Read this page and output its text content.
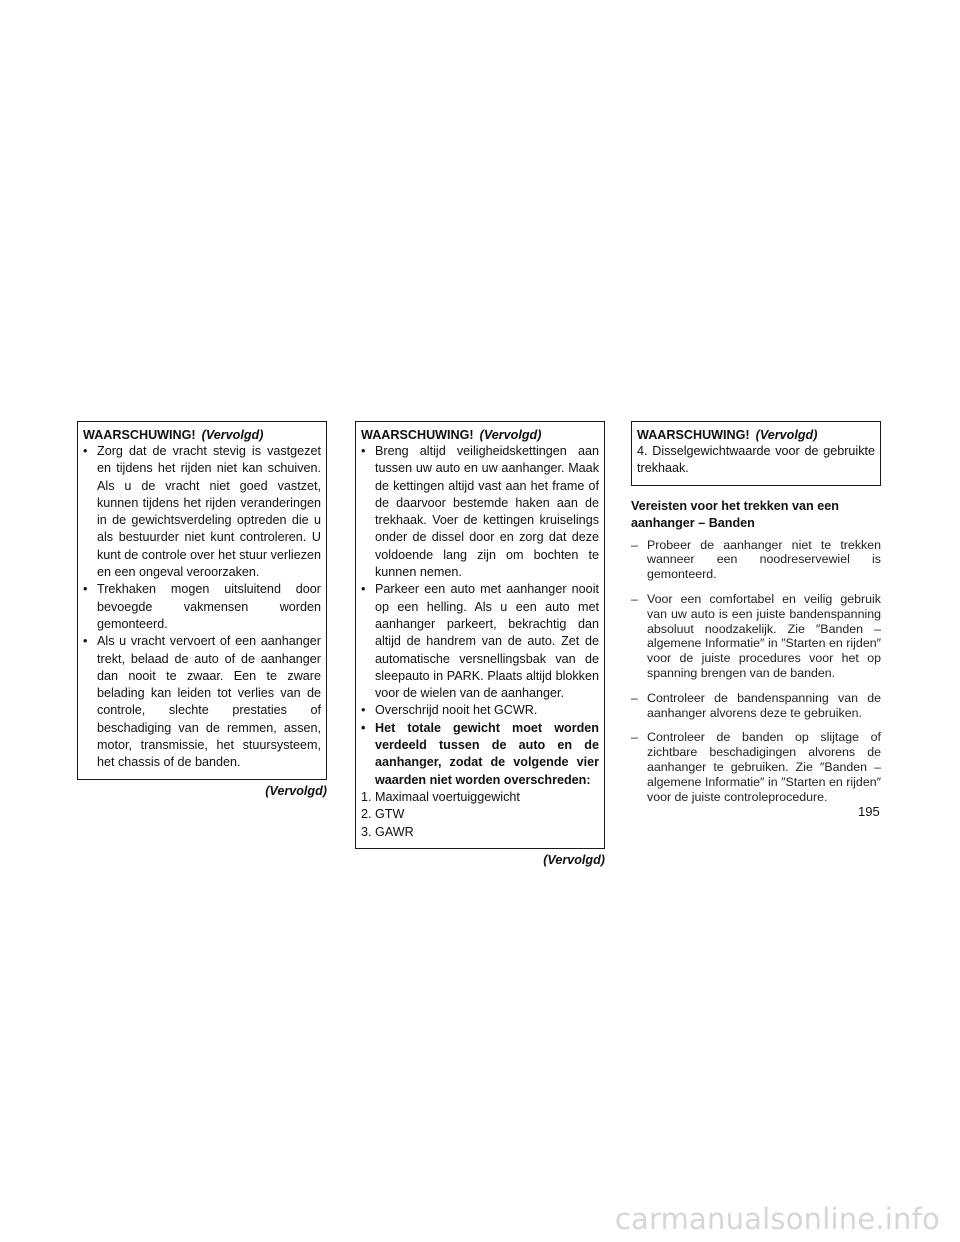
WAARSCHUWING! (Vervolgd)
• Zorg dat de vracht stevig is vastgezet en tijdens het rijden niet kan schuiven. Als u de vracht niet goed vastzet, kunnen tijdens het rijden veranderingen in de gewichtsverdeling optreden die u als bestuurder niet kunt controleren. U kunt de controle over het stuur verliezen en een ongeval veroorzaken.
• Trekhaken mogen uitsluitend door bevoegde vakmensen worden gemonteerd.
• Als u vracht vervoert of een aanhanger trekt, belaad de auto of de aanhanger dan nooit te zwaar. Een te zware belading kan leiden tot verlies van de controle, slechte prestaties of beschadiging van de remmen, assen, motor, transmissie, het stuursysteem, het chassis of de banden.
(Vervolgd)
WAARSCHUWING! (Vervolgd)
• Breng altijd veiligheidskettingen aan tussen uw auto en uw aanhanger. Maak de kettingen altijd vast aan het frame of de daarvoor bestemde haken aan de trekhaak. Voer de kettingen kruiselings onder de dissel door en zorg dat deze voldoende lang zijn om bochten te kunnen nemen.
• Parkeer een auto met aanhanger nooit op een helling. Als u een auto met aanhanger parkeert, bekrachtig dan altijd de handrem van de auto. Zet de automatische versnellingsbak van de sleepauto in PARK. Plaats altijd blokken voor de wielen van de aanhanger.
• Overschrijd nooit het GCWR.
• Het totale gewicht moet worden verdeeld tussen de auto en de aanhanger, zodat de volgende vier waarden niet worden overschreden:
1. Maximaal voertuiggewicht
2. GTW
3. GAWR
(Vervolgd)
WAARSCHUWING! (Vervolgd)
4. Disselgewichtwaarde voor de gebruikte trekhaak.
Vereisten voor het trekken van een
aanhanger – Banden
– Probeer de aanhanger niet te trekken wanneer een noodreservewiel is gemonteerd.
– Voor een comfortabel en veilig gebruik van uw auto is een juiste bandenspanning absoluut noodzakelijk. Zie ″Banden – algemene Informatie″ in ″Starten en rijden″ voor de juiste procedures voor het op spanning brengen van de banden.
– Controleer de bandenspanning van de aanhanger alvorens deze te gebruiken.
– Controleer de banden op slijtage of zichtbare beschadigingen alvorens de aanhanger te gebruiken. Zie ″Banden – algemene Informatie″ in ″Starten en rijden″ voor de juiste controleprocedure.
195
carmanualsonline.info
